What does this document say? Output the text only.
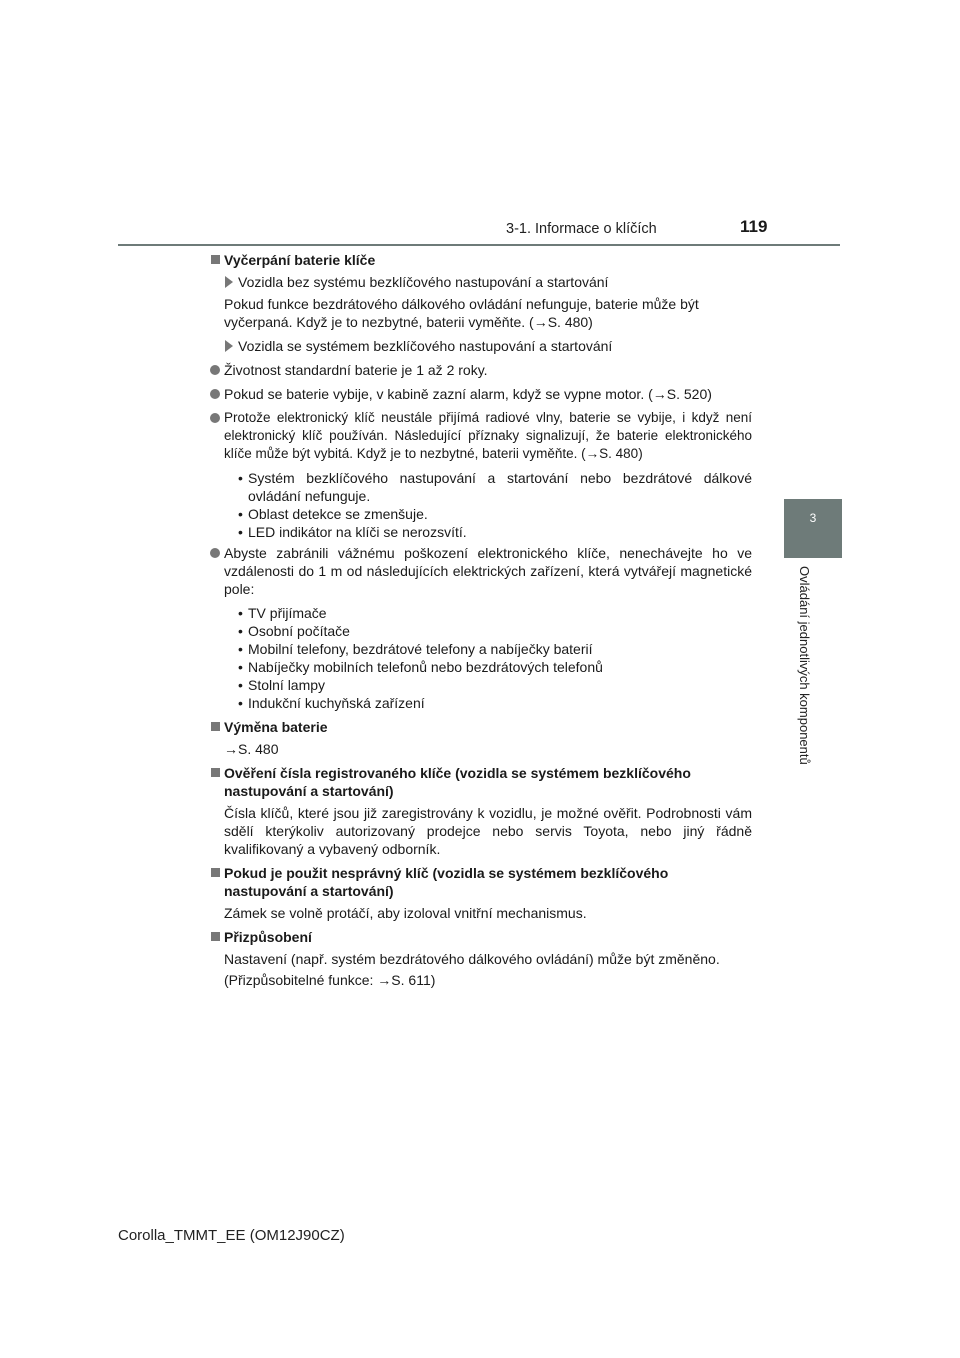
3-1. Informace o klíčích	119
3
Ovládání jednotlivých komponentů
Vyčerpání baterie klíče
Vozidla bez systému bezklíčového nastupování a startování
Pokud funkce bezdrátového dálkového ovládání nefunguje, baterie může být vyčerpaná. Když je to nezbytné, baterii vyměňte. (→S. 480)
Vozidla se systémem bezklíčového nastupování a startování
Životnost standardní baterie je 1 až 2 roky.
Pokud se baterie vybije, v kabině zazní alarm, když se vypne motor. (→S. 520)
Protože elektronický klíč neustále přijímá radiové vlny, baterie se vybije, i když není elektronický klíč používán. Následující příznaky signalizují, že baterie elektronického klíče může být vybitá. Když je to nezbytné, baterii vyměňte. (→S. 480)
• Systém bezklíčového nastupování a startování nebo bezdrátové dálkové ovládání nefunguje.
• Oblast detekce se zmenšuje.
• LED indikátor na klíči se nerozsvítí.
Abyste zabránili vážnému poškození elektronického klíče, nenechávejte ho ve vzdálenosti do 1 m od následujících elektrických zařízení, která vytvářejí magnetické pole:
• TV přijímače
• Osobní počítače
• Mobilní telefony, bezdrátové telefony a nabíječky baterií
• Nabíječky mobilních telefonů nebo bezdrátových telefonů
• Stolní lampy
• Indukční kuchyňská zařízení
Výměna baterie
→S. 480
Ověření čísla registrovaného klíče (vozidla se systémem bezklíčového nastupování a startování)
Čísla klíčů, které jsou již zaregistrovány k vozidlu, je možné ověřit. Podrobnosti vám sdělí kterýkoliv autorizovaný prodejce nebo servis Toyota, nebo jiný řádně kvalifikovaný a vybavený odborník.
Pokud je použit nesprávný klíč (vozidla se systémem bezklíčového nastupování a startování)
Zámek se volně protáčí, aby izoloval vnitřní mechanismus.
Přizpůsobení
Nastavení (např. systém bezdrátového dálkového ovládání) může být změněno.
(Přizpůsobitelné funkce: →S. 611)
Corolla_TMMT_EE (OM12J90CZ)
